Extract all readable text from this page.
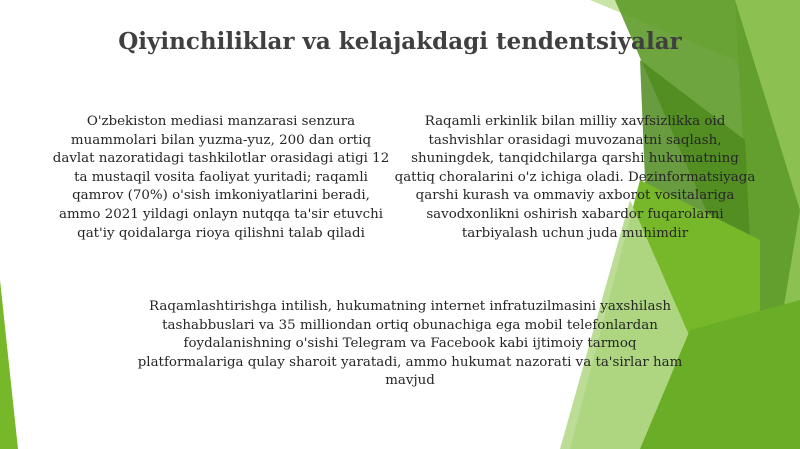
Qiyinchiliklar va kelajakdagi tendentsiyalar
O'zbekiston mediasi manzarasi senzura muammolari bilan yuzma-yuz, 200 dan ortiq davlat nazoratidagi tashkilotlar orasidagi atigi 12 ta mustaqil vosita faoliyat yuritadi; raqamli qamrov (70%) o'sish imkoniyatlarini beradi, ammo 2021 yildagi onlayn nutqqa ta'sir etuvchi qat'iy qoidalarga rioya qilishni talab qiladi
Raqamli erkinlik bilan milliy xavfsizlikka oid tashvishlar orasidagi muvozanatni saqlash, shuningdek, tanqidchilarga qarshi hukumatning qattiq choralarini o'z ichiga oladi. Dezinformatsiyaga qarshi kurash va ommaviy axborot vositalariga savodxonlikni oshirish xabardor fuqarolarni tarbiyalash uchun juda muhimdir
Raqamlashtirishga intilish, hukumatning internet infratuzilmasini yaxshilash tashabbuslari va 35 milliondan ortiq obunachiga ega mobil telefonlardan foydalanishning o'sishi Telegram va Facebook kabi ijtimoiy tarmoq platformalariga qulay sharoit yaratadi, ammo hukumat nazorati va ta'sirlar ham mavjud
